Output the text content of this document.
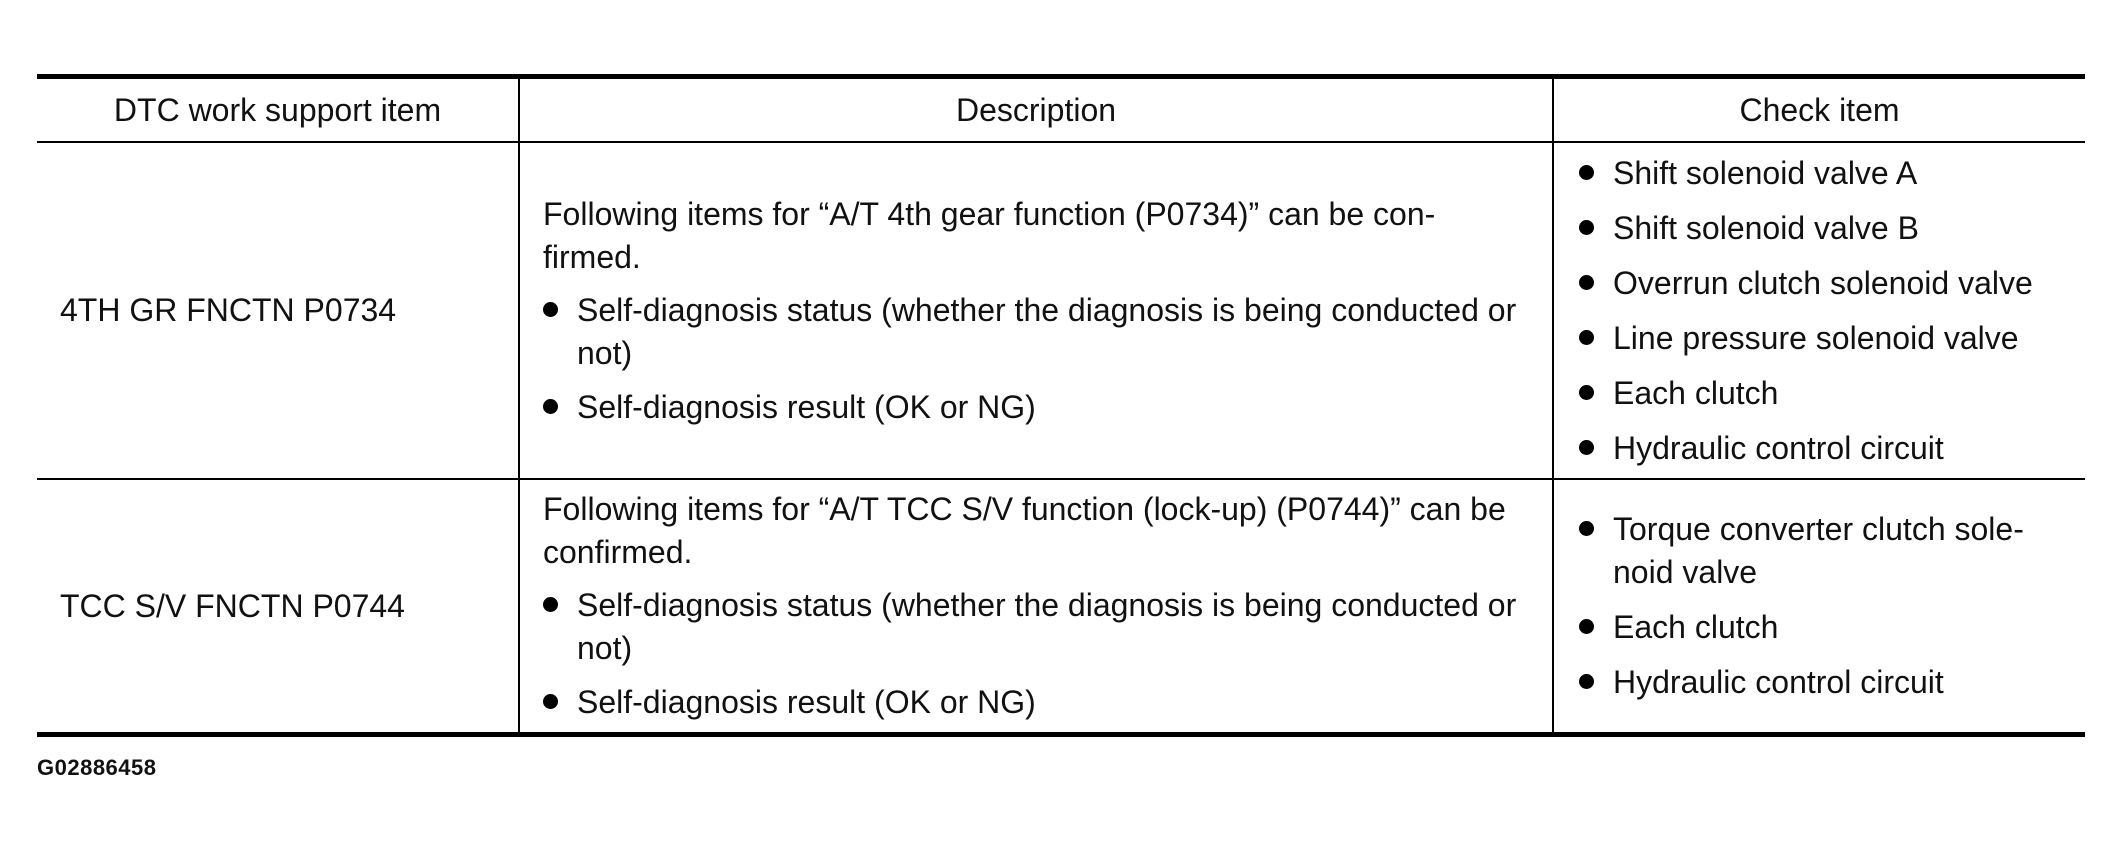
DTC work support item	Description	Check item
4TH GR FNCTN P0734
Following items for “A/T 4th gear function (P0734)” can be con-firmed.
Self-diagnosis status (whether the diagnosis is being conducted or not)
Self-diagnosis result (OK or NG)
Shift solenoid valve A
Shift solenoid valve B
Overrun clutch solenoid valve
Line pressure solenoid valve
Each clutch
Hydraulic control circuit
TCC S/V FNCTN P0744
Following items for “A/T TCC S/V function (lock-up) (P0744)” can be confirmed.
Self-diagnosis status (whether the diagnosis is being conducted or not)
Self-diagnosis result (OK or NG)
Torque converter clutch sole-noid valve
Each clutch
Hydraulic control circuit
G02886458
